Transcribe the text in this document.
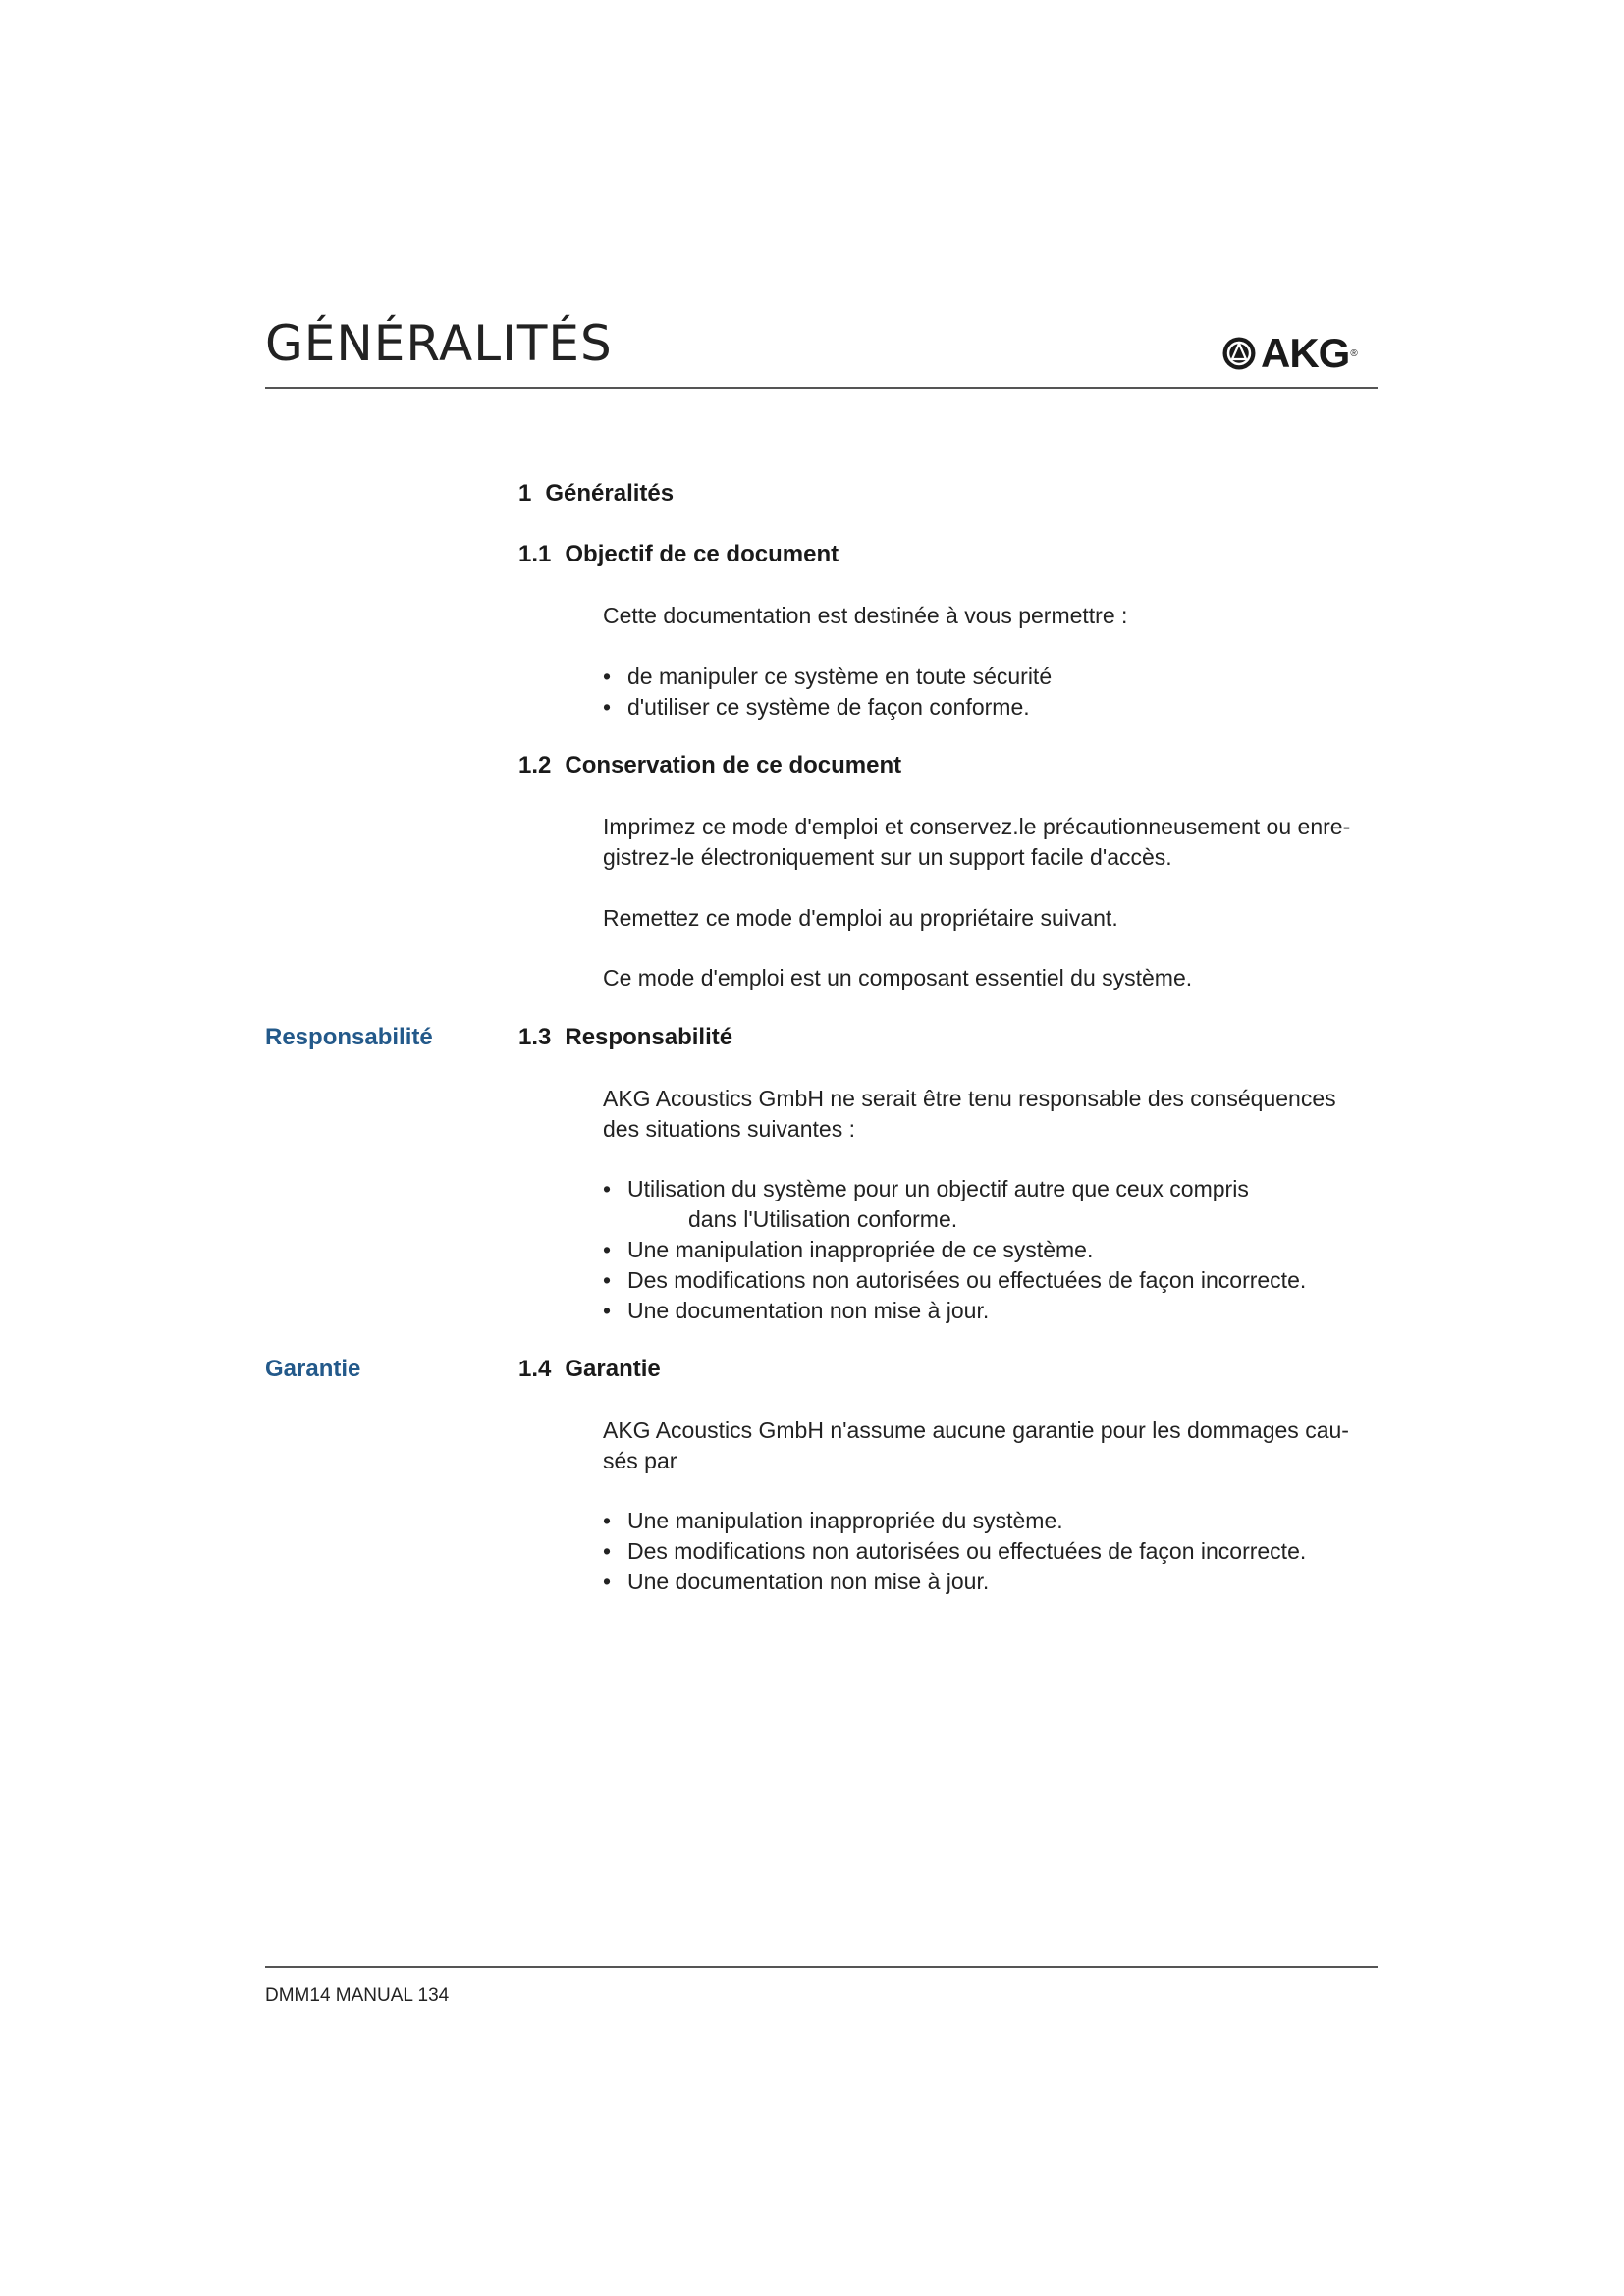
GÉNÉRALITÉS	AKG ®
1 Généralités
1.1 Objectif de ce document

Cette documentation est destinée à vous permettre :

• de manipuler ce système en toute sécurité
• d'utiliser ce système de façon conforme.
1.2 Conservation de ce document

Imprimez ce mode d'emploi et conservez.le précautionneusement ou enregistrez-le électroniquement sur un support facile d'accès.

Remettez ce mode d'emploi au propriétaire suivant.

Ce mode d'emploi est un composant essentiel du système.

Responsabilité	1.3 Responsabilité

AKG Acoustics GmbH ne serait être tenu responsable des conséquences des situations suivantes :

• Utilisation du système pour un objectif autre que ceux compris
dans l'Utilisation conforme.
• Une manipulation inappropriée de ce système.
• Des modifications non autorisées ou effectuées de façon incorrecte.
• Une documentation non mise à jour.
Garantie	1.4 Garantie

AKG Acoustics GmbH n'assume aucune garantie pour les dommages causés par

• Une manipulation inappropriée du système.
• Des modifications non autorisées ou effectuées de façon incorrecte.
• Une documentation non mise à jour.
DMM14 MANUAL 134
